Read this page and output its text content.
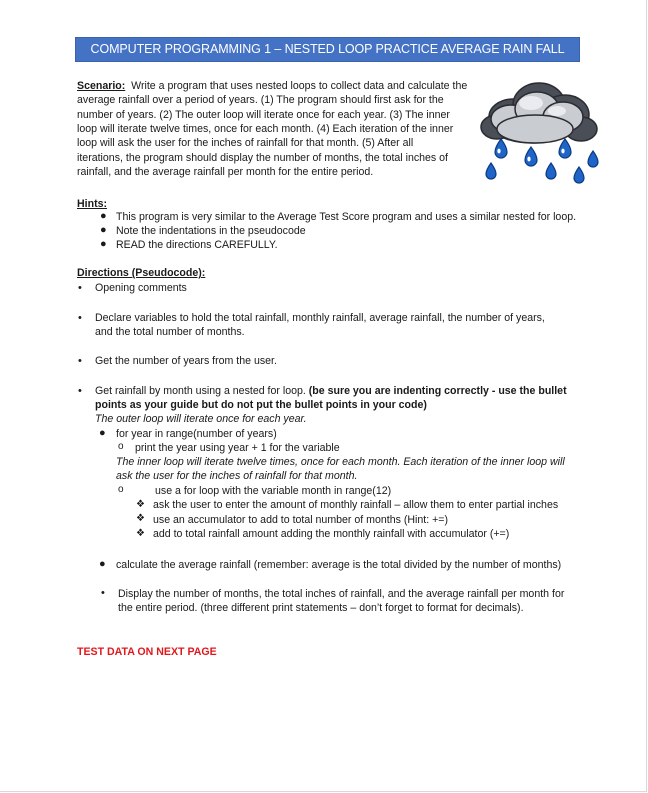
COMPUTER PROGRAMMING 1 – NESTED LOOP PRACTICE AVERAGE RAIN FALL
Scenario: Write a program that uses nested loops to collect data and calculate the
average rainfall over a period of years. (1) The program should first ask for the
number of years. (2) The outer loop will iterate once for each year. (3) The inner
loop will iterate twelve times, once for each month. (4) Each iteration of the inner
loop will ask the user for the inches of rainfall for that month. (5) After all
iterations, the program should display the number of months, the total inches of
rainfall, and the average rainfall per month for the entire period.
Hints:
● This program is very similar to the Average Test Score program and uses a similar nested for loop.
● Note the indentations in the pseudocode
● READ the directions CAREFULLY.
Directions (Pseudocode):
• Opening comments
• Declare variables to hold the total rainfall, monthly rainfall, average rainfall, the number of years,
and the total number of months.
• Get the number of years from the user.
• Get rainfall by month using a nested for loop. (be sure you are indenting correctly - use the bullet
points as your guide but do not put the bullet points in your code)
The outer loop will iterate once for each year.
● for year in range(number of years)
o print the year using year + 1 for the variable
The inner loop will iterate twelve times, once for each month. Each iteration of the inner loop will
ask the user for the inches of rainfall for that month.
o	use a for loop with the variable month in range(12)
❖ ask the user to enter the amount of monthly rainfall – allow them to enter partial inches
❖ use an accumulator to add to total number of months (Hint: +=)
❖ add to total rainfall amount adding the monthly rainfall with accumulator (+=)
● calculate the average rainfall (remember: average is the total divided by the number of months)
• Display the number of months, the total inches of rainfall, and the average rainfall per month for
the entire period. (three different print statements – don’t forget to format for decimals).
TEST DATA ON NEXT PAGE
